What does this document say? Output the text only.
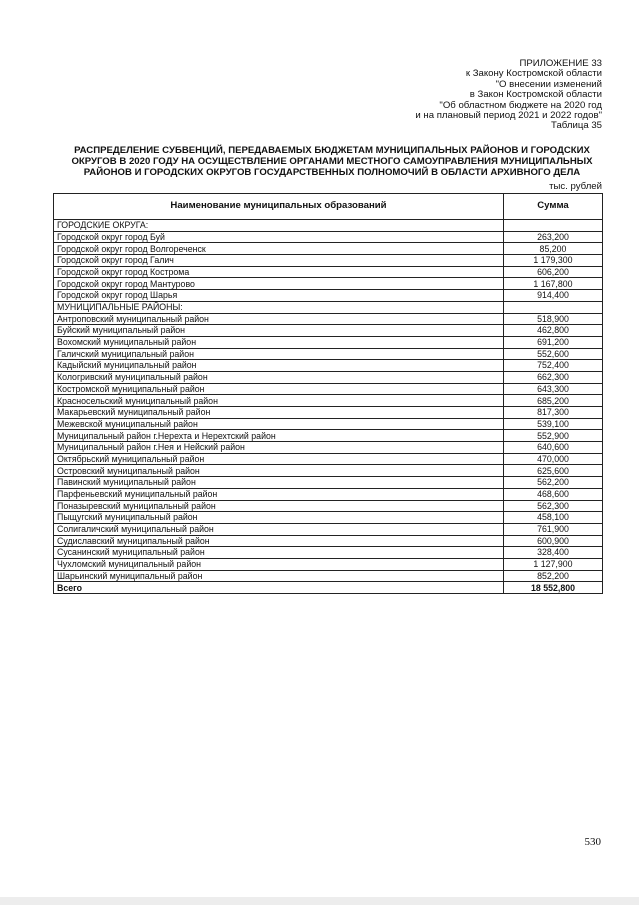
ПРИЛОЖЕНИЕ 33
к Закону Костромской области
"О внесении изменений
в Закон Костромской области
"Об областном бюджете на 2020 год
и на плановый период 2021 и 2022 годов"
Таблица 35
РАСПРЕДЕЛЕНИЕ СУБВЕНЦИЙ, ПЕРЕДАВАЕМЫХ БЮДЖЕТАМ МУНИЦИПАЛЬНЫХ РАЙОНОВ И ГОРОДСКИХ
ОКРУГОВ В 2020 ГОДУ НА ОСУЩЕСТВЛЕНИЕ ОРГАНАМИ МЕСТНОГО САМОУПРАВЛЕНИЯ МУНИЦИПАЛЬНЫХ
РАЙОНОВ И ГОРОДСКИХ ОКРУГОВ ГОСУДАРСТВЕННЫХ ПОЛНОМОЧИЙ В ОБЛАСТИ АРХИВНОГО ДЕЛА
тыс. рублей
Наименование муниципальных образований	Сумма
ГОРОДСКИЕ ОКРУГА:	
Городской округ город Буй	263,200
Городской округ город Волгореченск	85,200
Городской округ город Галич	1 179,300
Городской округ город Кострома	606,200
Городской округ город Мантурово	1 167,800
Городской округ город Шарья	914,400
МУНИЦИПАЛЬНЫЕ РАЙОНЫ:	
Антроповский муниципальный район	518,900
Буйский муниципальный район	462,800
Вохомский муниципальный район	691,200
Галичский муниципальный район	552,600
Кадыйский муниципальный район	752,400
Кологривский муниципальный район	662,300
Костромской муниципальный район	643,300
Красносельский муниципальный район	685,200
Макарьевский муниципальный район	817,300
Межевской муниципальный район	539,100
Муниципальный район г.Нерехта и Нерехтский район	552,900
Муниципальный район г.Нея и Нейский район	640,600
Октябрьский муниципальный район	470,000
Островский муниципальный район	625,600
Павинский муниципальный район	562,200
Парфеньевский муниципальный район	468,600
Поназыревский муниципальный район	562,300
Пыщугский муниципальный район	458,100
Солигаличский муниципальный район	761,900
Судиславский муниципальный район	600,900
Сусанинский муниципальный район	328,400
Чухломский муниципальный район	1 127,900
Шарьинский муниципальный район	852,200
Всего	18 552,800
530
